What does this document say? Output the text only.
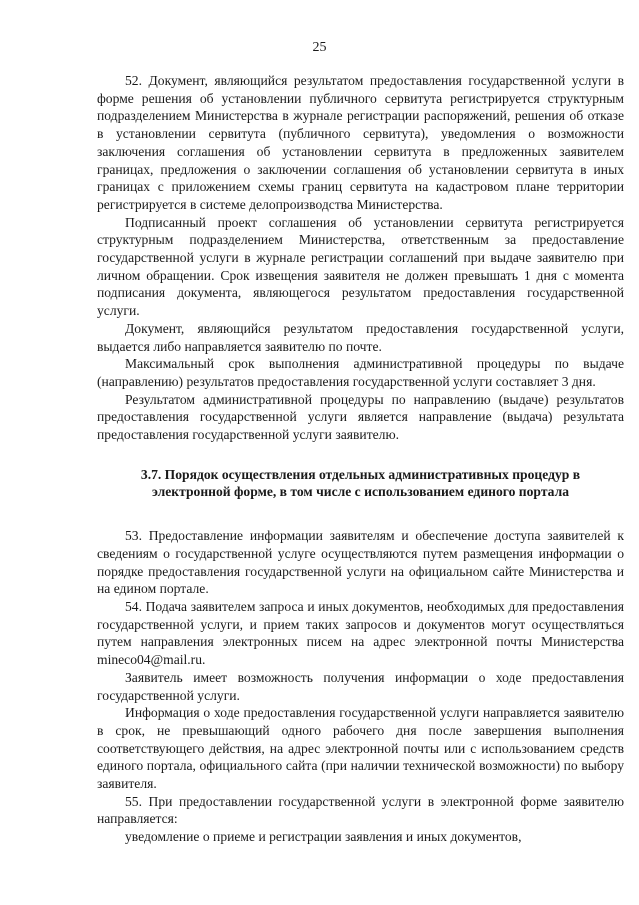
25

52. Документ, являющийся результатом предоставления государственной услуги в форме решения об установлении публичного сервитута регистрируется структурным подразделением Министерства в журнале регистрации распоряжений, решения об отказе в установлении сервитута (публичного сервитута), уведомления о возможности заключения соглашения об установлении сервитута в предложенных заявителем границах, предложения о заключении соглашения об установлении сервитута в иных границах с приложением схемы границ сервитута на кадастровом плане территории регистрируется в системе делопроизводства Министерства.

Подписанный проект соглашения об установлении сервитута регистрируется структурным подразделением Министерства, ответственным за предоставление государственной услуги в журнале регистрации соглашений при выдаче заявителю при личном обращении. Срок извещения заявителя не должен превышать 1 дня с момента подписания документа, являющегося результатом предоставления государственной услуги.

Документ, являющийся результатом предоставления государственной услуги, выдается либо направляется заявителю по почте.

Максимальный срок выполнения административной процедуры по выдаче (направлению) результатов предоставления государственной услуги составляет 3 дня.

Результатом административной процедуры по направлению (выдаче) результатов предоставления государственной услуги является направление (выдача) результата предоставления государственной услуги заявителю.

3.7. Порядок осуществления отдельных административных процедур в электронной форме, в том числе с использованием единого портала

53. Предоставление информации заявителям и обеспечение доступа заявителей к сведениям о государственной услуге осуществляются путем размещения информации о порядке предоставления государственной услуги на официальном сайте Министерства и на едином портале.

54. Подача заявителем запроса и иных документов, необходимых для предоставления государственной услуги, и прием таких запросов и документов могут осуществляться путем направления электронных писем на адрес электронной почты Министерства mineco04@mail.ru.

Заявитель имеет возможность получения информации о ходе предоставления государственной услуги.

Информация о ходе предоставления государственной услуги направляется заявителю в срок, не превышающий одного рабочего дня после завершения выполнения соответствующего действия, на адрес электронной почты или с использованием средств единого портала, официального сайта (при наличии технической возможности) по выбору заявителя.

55. При предоставлении государственной услуги в электронной форме заявителю направляется:

уведомление о приеме и регистрации заявления и иных документов,
